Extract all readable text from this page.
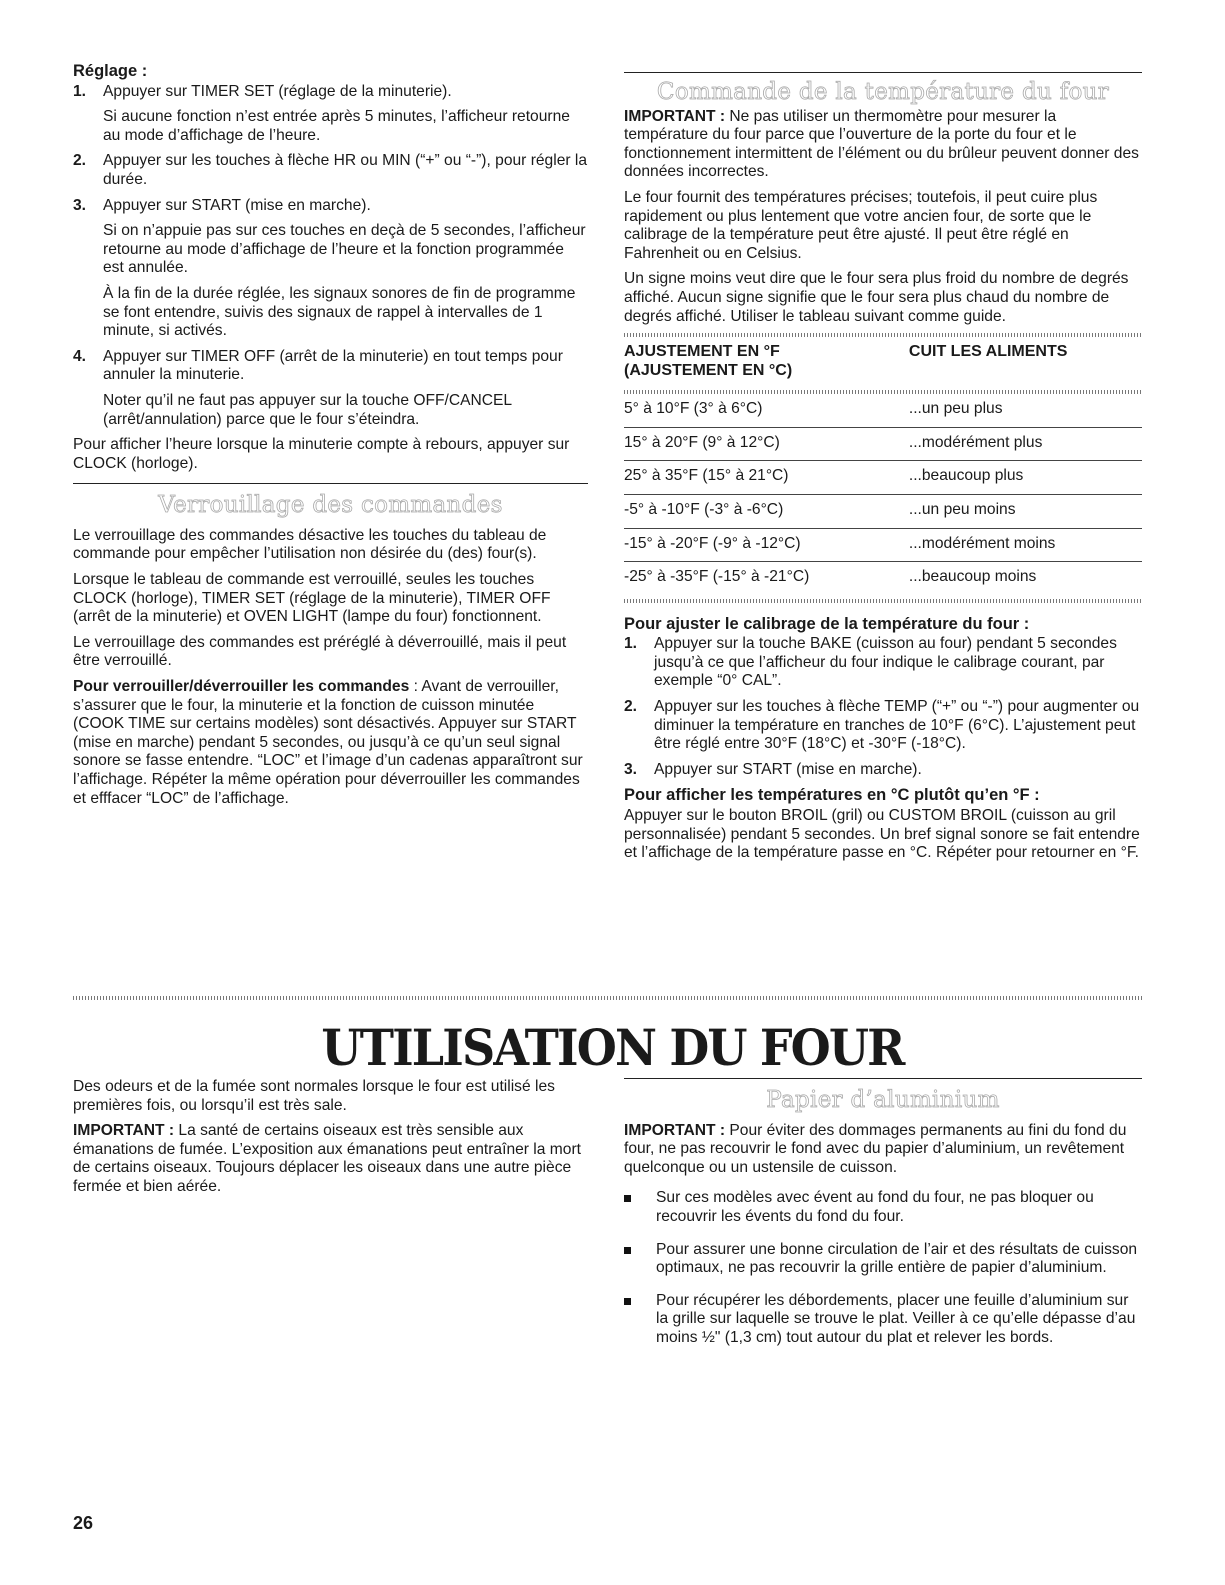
Réglage :
1. Appuyer sur TIMER SET (réglage de la minuterie).

Si aucune fonction n’est entrée après 5 minutes, l’afficheur retourne au mode d’affichage de l’heure.

2. Appuyer sur les touches à flèche HR ou MIN (“+” ou “-”), pour régler la durée.

3. Appuyer sur START (mise en marche).

Si on n’appuie pas sur ces touches en deçà de 5 secondes, l’afficheur retourne au mode d’affichage de l’heure et la fonction programmée est annulée.

À la fin de la durée réglée, les signaux sonores de fin de programme se font entendre, suivis des signaux de rappel à intervalles de 1 minute, si activés.

4. Appuyer sur TIMER OFF (arrêt de la minuterie) en tout temps pour annuler la minuterie.

Noter qu’il ne faut pas appuyer sur la touche OFF/CANCEL (arrêt/annulation) parce que le four s’éteindra.

Pour afficher l’heure lorsque la minuterie compte à rebours, appuyer sur CLOCK (horloge).

Verrouillage des commandes

Le verrouillage des commandes désactive les touches du tableau de commande pour empêcher l’utilisation non désirée du (des) four(s).

Lorsque le tableau de commande est verrouillé, seules les touches CLOCK (horloge), TIMER SET (réglage de la minuterie), TIMER OFF (arrêt de la minuterie) et OVEN LIGHT (lampe du four) fonctionnent.

Le verrouillage des commandes est préréglé à déverrouillé, mais il peut être verrouillé.

Pour verrouiller/déverrouiller les commandes : Avant de verrouiller, s’assurer que le four, la minuterie et la fonction de cuisson minutée (COOK TIME sur certains modèles) sont désactivés. Appuyer sur START (mise en marche) pendant 5 secondes, ou jusqu’à ce qu’un seul signal sonore se fasse entendre. “LOC” et l’image d’un cadenas apparaîtront sur l’affichage. Répéter la même opération pour déverrouiller les commandes et efffacer “LOC” de l’affichage.

Commande de la température du four

IMPORTANT : Ne pas utiliser un thermomètre pour mesurer la température du four parce que l’ouverture de la porte du four et le fonctionnement intermittent de l’élément ou du brûleur peuvent donner des données incorrectes.

Le four fournit des températures précises; toutefois, il peut cuire plus rapidement ou plus lentement que votre ancien four, de sorte que le calibrage de la température peut être ajusté. Il peut être réglé en Fahrenheit ou en Celsius.

Un signe moins veut dire que le four sera plus froid du nombre de degrés affiché. Aucun signe signifie que le four sera plus chaud du nombre de degrés affiché. Utiliser le tableau suivant comme guide.

AJUSTEMENT EN °F
(AJUSTEMENT EN °C)	CUIT LES ALIMENTS
5° à 10°F (3° à 6°C)	...un peu plus
15° à 20°F (9° à 12°C)	...modérément plus
25° à 35°F (15° à 21°C)	...beaucoup plus
-5° à -10°F (-3° à -6°C)	...un peu moins
-15° à -20°F (-9° à -12°C)	...modérément moins
-25° à -35°F (-15° à -21°C)	...beaucoup moins
Pour ajuster le calibrage de la température du four :
1. Appuyer sur la touche BAKE (cuisson au four) pendant 5 secondes jusqu’à ce que l’afficheur du four indique le calibrage courant, par exemple “0° CAL”.

2. Appuyer sur les touches à flèche TEMP (“+” ou “-”) pour augmenter ou diminuer la température en tranches de 10°F (6°C). L’ajustement peut être réglé entre 30°F (18°C) et -30°F (-18°C).

3. Appuyer sur START (mise en marche).

Pour afficher les températures en °C plutôt qu’en °F :

Appuyer sur le bouton BROIL (gril) ou CUSTOM BROIL (cuisson au gril personnalisée) pendant 5 secondes. Un bref signal sonore se fait entendre et l’affichage de la température passe en °C. Répéter pour retourner en °F.

UTILISATION DU FOUR

Des odeurs et de la fumée sont normales lorsque le four est utilisé les premières fois, ou lorsqu’il est très sale.

IMPORTANT : La santé de certains oiseaux est très sensible aux émanations de fumée. L’exposition aux émanations peut entraîner la mort de certains oiseaux. Toujours déplacer les oiseaux dans une autre pièce fermée et bien aérée.

Papier d’aluminium

IMPORTANT : Pour éviter des dommages permanents au fini du fond du four, ne pas recouvrir le fond avec du papier d’aluminium, un revêtement quelconque ou un ustensile de cuisson.

Sur ces modèles avec évent au fond du four, ne pas bloquer ou recouvrir les évents du fond du four.
Pour assurer une bonne circulation de l’air et des résultats de cuisson optimaux, ne pas recouvrir la grille entière de papier d’aluminium.
Pour récupérer les débordements, placer une feuille d’aluminium sur la grille sur laquelle se trouve le plat. Veiller à ce qu’elle dépasse d’au moins ½" (1,3 cm) tout autour du plat et relever les bords.
26
